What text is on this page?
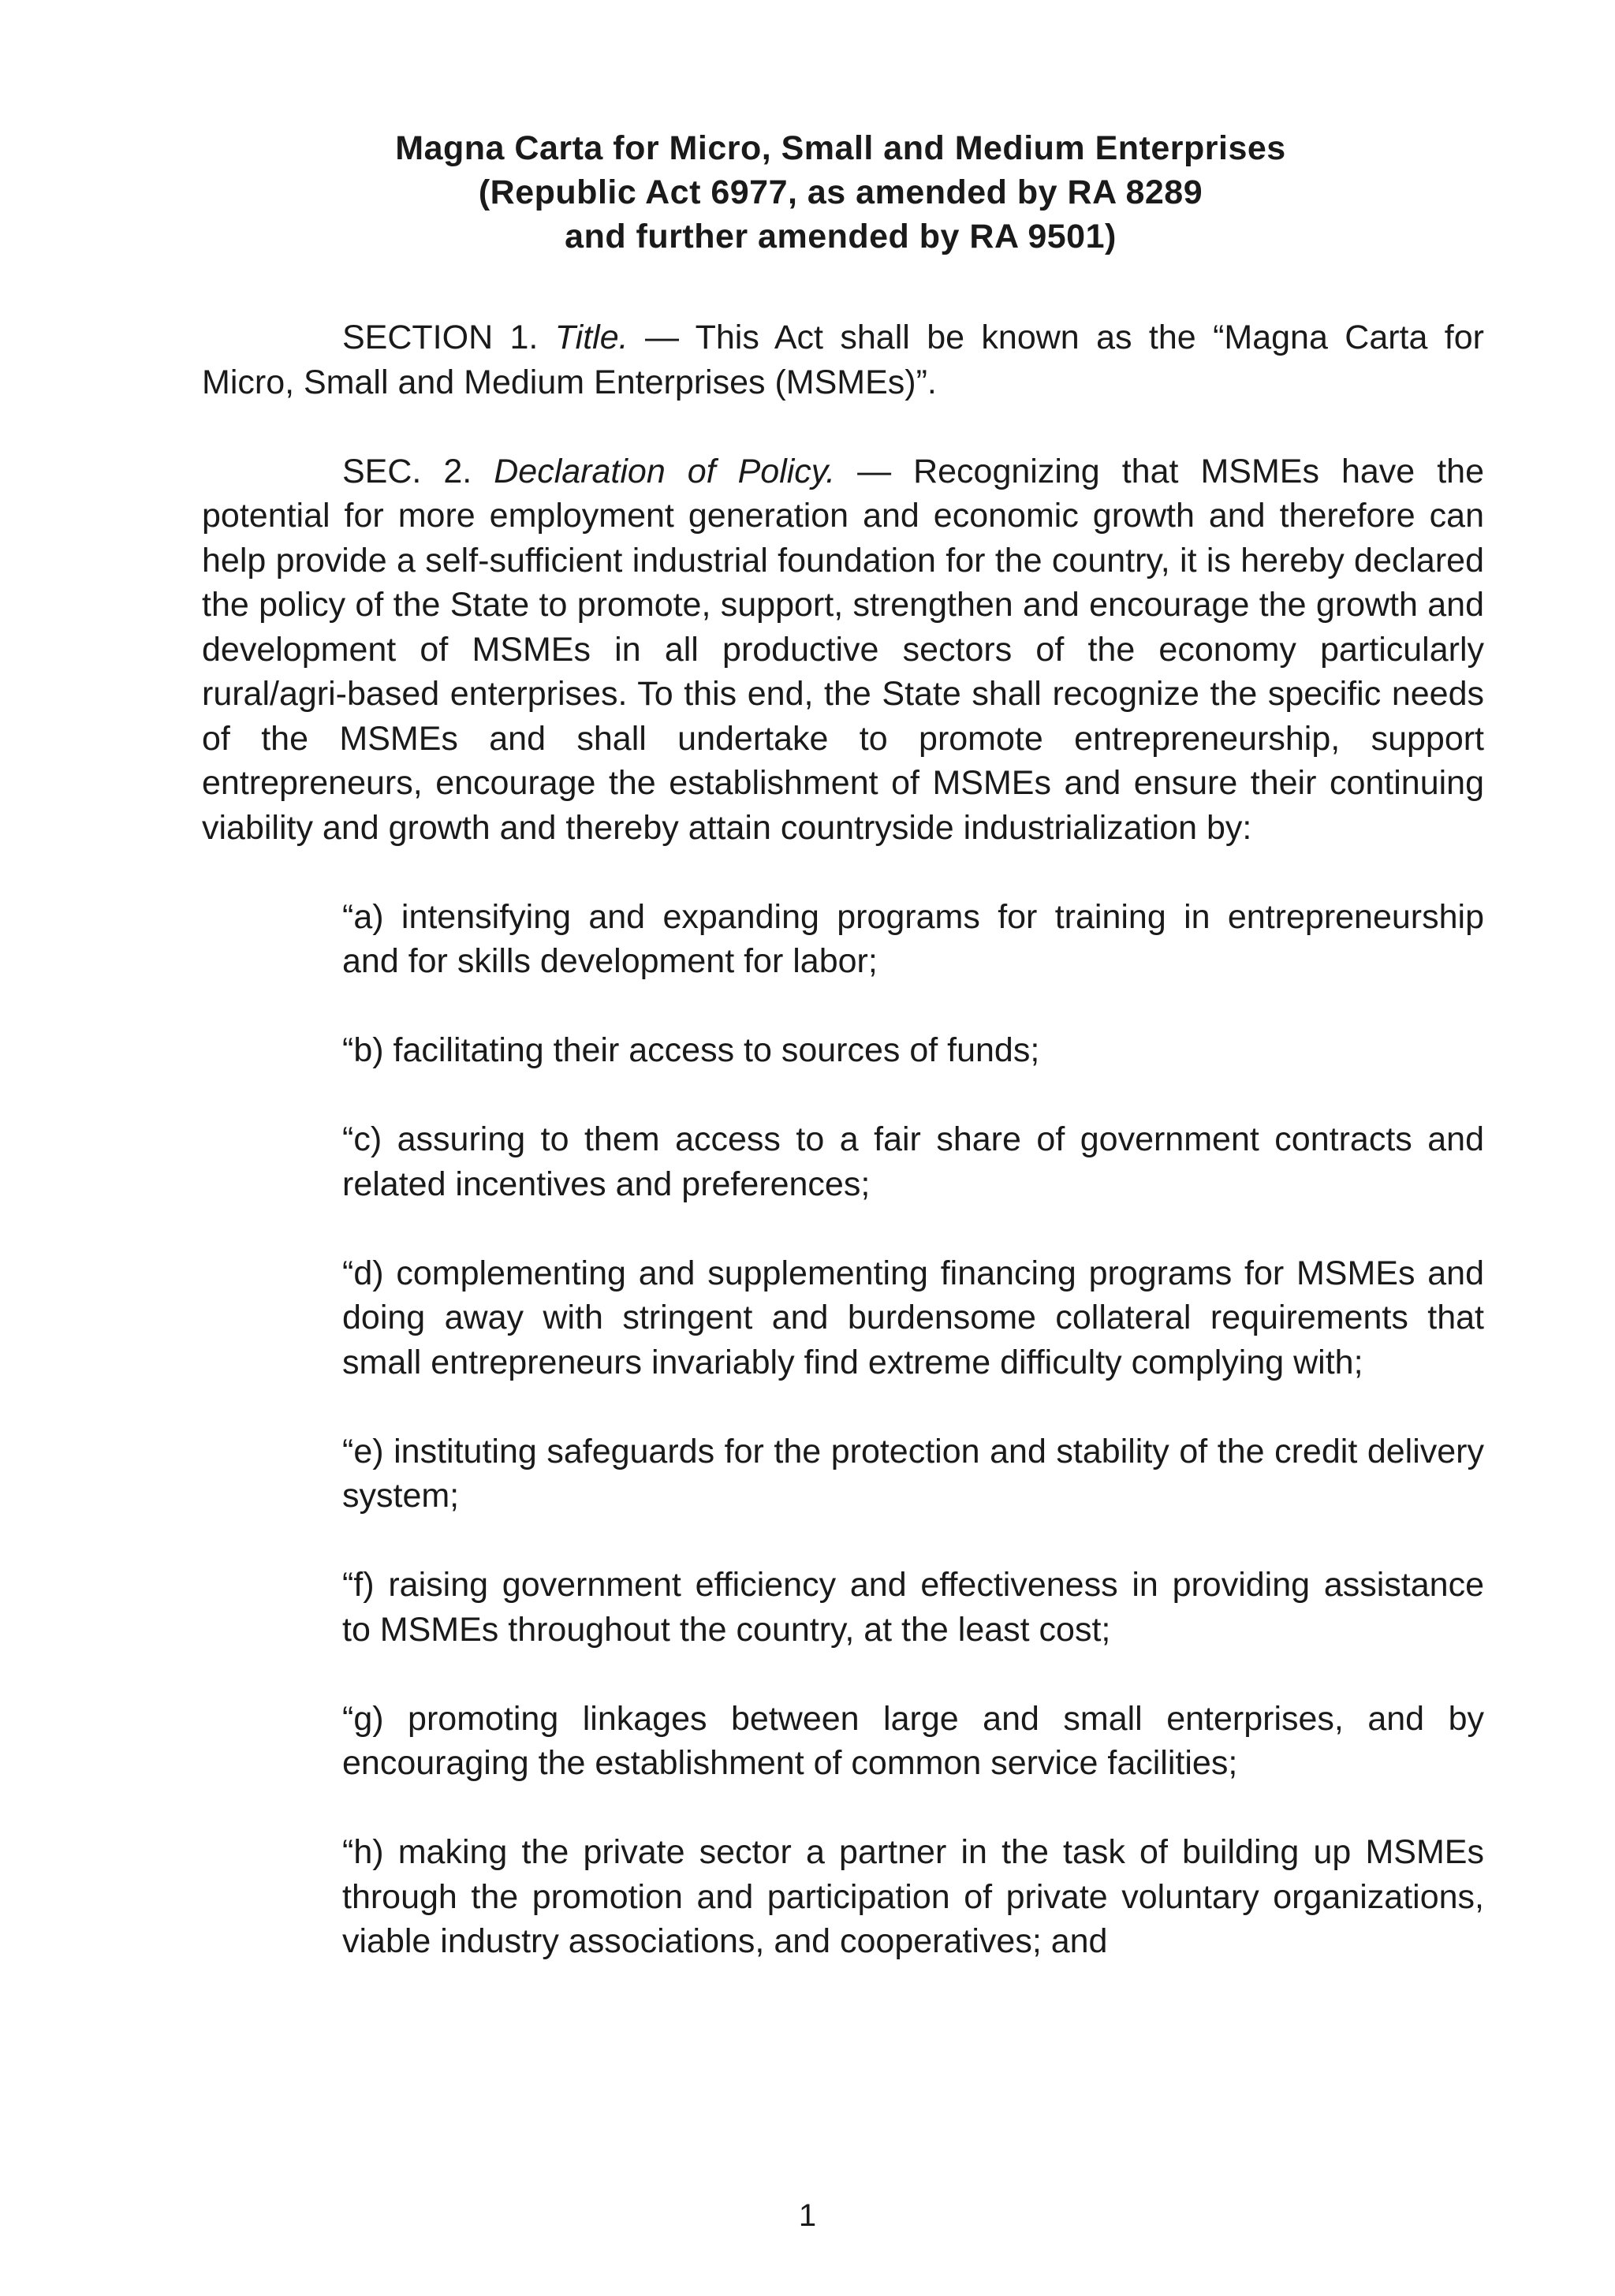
Magna Carta for Micro, Small and Medium Enterprises
(Republic Act 6977, as amended by RA 8289
and further amended by RA 9501)

SECTION 1. Title. — This Act shall be known as the “Magna Carta for Micro, Small and Medium Enterprises (MSMEs)”.

SEC. 2. Declaration of Policy. — Recognizing that MSMEs have the potential for more employment generation and economic growth and therefore can help provide a self-sufficient industrial foundation for the country, it is hereby declared the policy of the State to promote, support, strengthen and encourage the growth and development of MSMEs in all productive sectors of the economy particularly rural/agri-based enterprises. To this end, the State shall recognize the specific needs of the MSMEs and shall undertake to promote entrepreneurship, support entrepreneurs, encourage the establishment of MSMEs and ensure their continuing viability and growth and thereby attain countryside industrialization by:

“a) intensifying and expanding programs for training in entrepreneurship and for skills development for labor;

“b) facilitating their access to sources of funds;

“c) assuring to them access to a fair share of government contracts and related incentives and preferences;

“d) complementing and supplementing financing programs for MSMEs and doing away with stringent and burdensome collateral requirements that small entrepreneurs invariably find extreme difficulty complying with;

“e) instituting safeguards for the protection and stability of the credit delivery system;

“f) raising government efficiency and effectiveness in providing assistance to MSMEs throughout the country, at the least cost;

“g) promoting linkages between large and small enterprises, and by encouraging the establishment of common service facilities;

“h) making the private sector a partner in the task of building up MSMEs through the promotion and participation of private voluntary organizations, viable industry associations, and cooperatives; and

1
